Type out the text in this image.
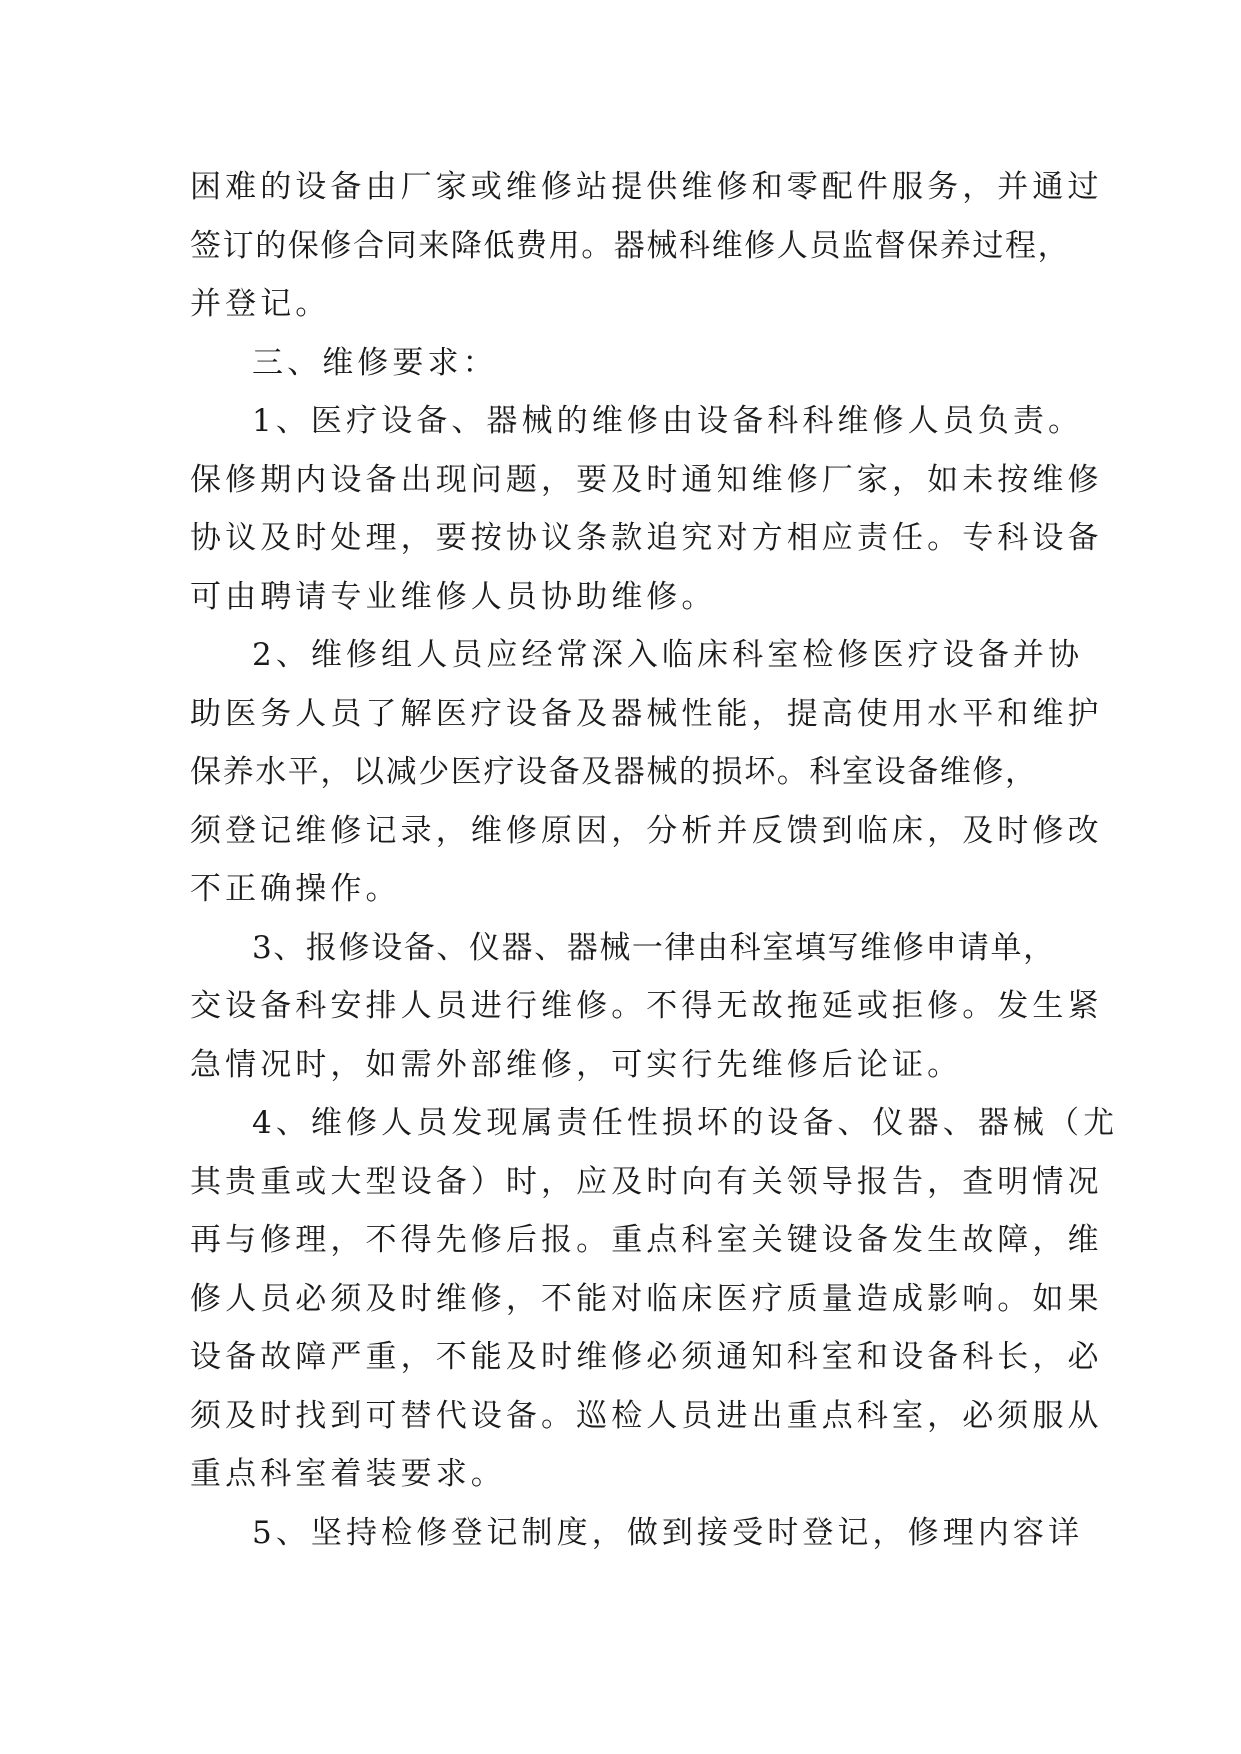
困难的设备由厂家或维修站提供维修和零配件服务，并通过
签订的保修合同来降低费用。器械科维修人员监督保养过程，
并登记。
三、维修要求：
1、医疗设备、器械的维修由设备科科维修人员负责。
保修期内设备出现问题，要及时通知维修厂家，如未按维修
协议及时处理，要按协议条款追究对方相应责任。专科设备
可由聘请专业维修人员协助维修。
2、维修组人员应经常深入临床科室检修医疗设备并协
助医务人员了解医疗设备及器械性能，提高使用水平和维护
保养水平，以减少医疗设备及器械的损坏。科室设备维修，
须登记维修记录，维修原因，分析并反馈到临床，及时修改
不正确操作。
3、报修设备、仪器、器械一律由科室填写维修申请单，
交设备科安排人员进行维修。不得无故拖延或拒修。发生紧
急情况时，如需外部维修，可实行先维修后论证。
4、维修人员发现属责任性损坏的设备、仪器、器械（尤
其贵重或大型设备）时，应及时向有关领导报告，查明情况
再与修理，不得先修后报。重点科室关键设备发生故障，维
修人员必须及时维修，不能对临床医疗质量造成影响。如果
设备故障严重，不能及时维修必须通知科室和设备科长，必
须及时找到可替代设备。巡检人员进出重点科室，必须服从
重点科室着装要求。
5、坚持检修登记制度，做到接受时登记，修理内容详
